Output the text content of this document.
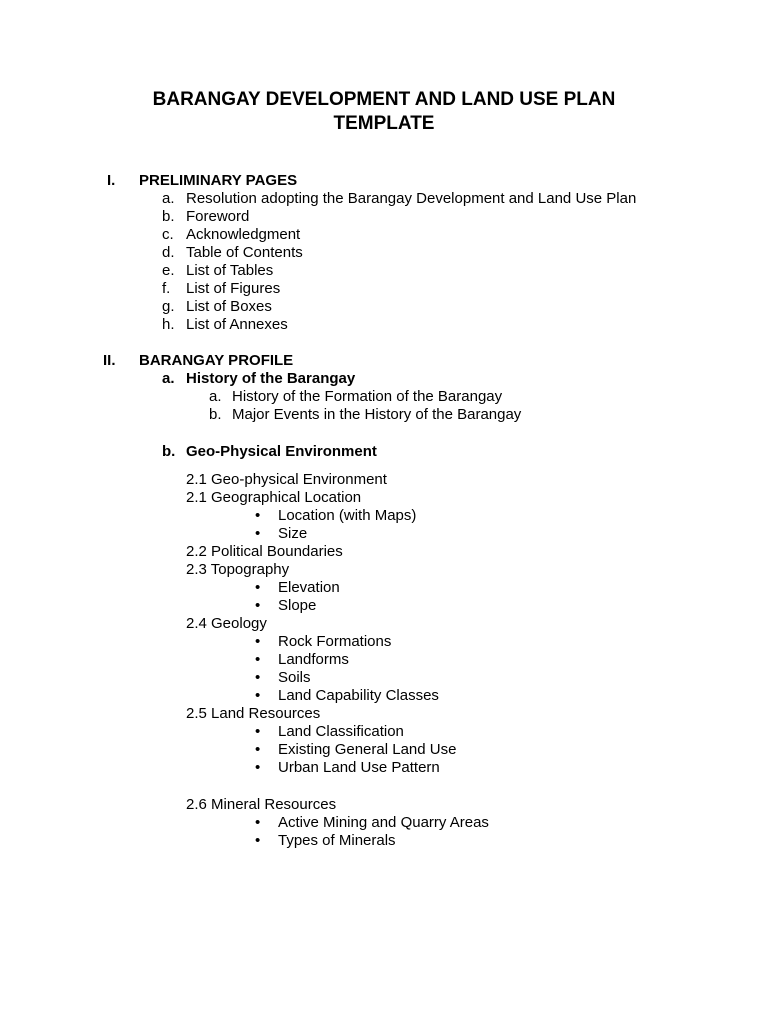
BARANGAY DEVELOPMENT AND LAND USE PLAN
TEMPLATE
I. PRELIMINARY PAGES
a. Resolution adopting the Barangay Development and Land Use Plan
b. Foreword
c. Acknowledgment
d. Table of Contents
e. List of Tables
f. List of Figures
g. List of Boxes
h. List of Annexes
II. BARANGAY PROFILE
a. History of the Barangay
a. History of the Formation of the Barangay
b. Major Events in the History of the Barangay
b. Geo-Physical Environment
2.1 Geo-physical Environment
2.1 Geographical Location
• Location (with Maps)
• Size
2.2 Political Boundaries
2.3 Topography
• Elevation
• Slope
2.4 Geology
• Rock Formations
• Landforms
• Soils
• Land Capability Classes
2.5 Land Resources
• Land Classification
• Existing General Land Use
• Urban Land Use Pattern
2.6 Mineral Resources
• Active Mining and Quarry Areas
• Types of Minerals
